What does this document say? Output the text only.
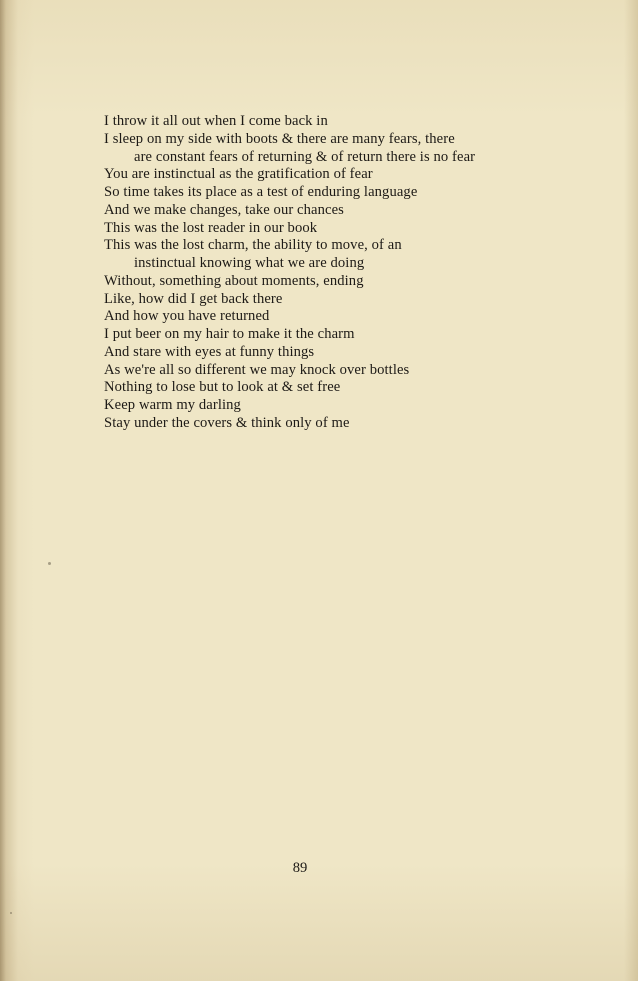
I throw it all out when I come back in
I sleep on my side with boots & there are many fears, there
are constant fears of returning & of return there is no fear
You are instinctual as the gratification of fear
So time takes its place as a test of enduring language
And we make changes, take our chances
This was the lost reader in our book
This was the lost charm, the ability to move, of an
instinctual knowing what we are doing
Without, something about moments, ending
Like, how did I get back there
And how you have returned
I put beer on my hair to make it the charm
And stare with eyes at funny things
As we're all so different we may knock over bottles
Nothing to lose but to look at & set free
Keep warm my darling
Stay under the covers & think only of me
89
